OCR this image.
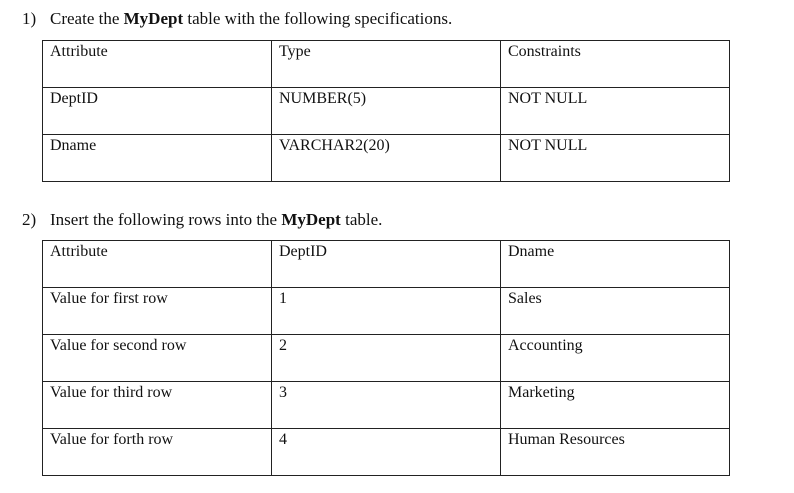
1) Create the MyDept table with the following specifications.
Attribute	Type	Constraints
DeptID	NUMBER(5)	NOT NULL
Dname	VARCHAR2(20)	NOT NULL
2) Insert the following rows into the MyDept table.
Attribute	DeptID	Dname
Value for first row	1	Sales
Value for second row	2	Accounting
Value for third row	3	Marketing
Value for forth row	4	Human Resources
